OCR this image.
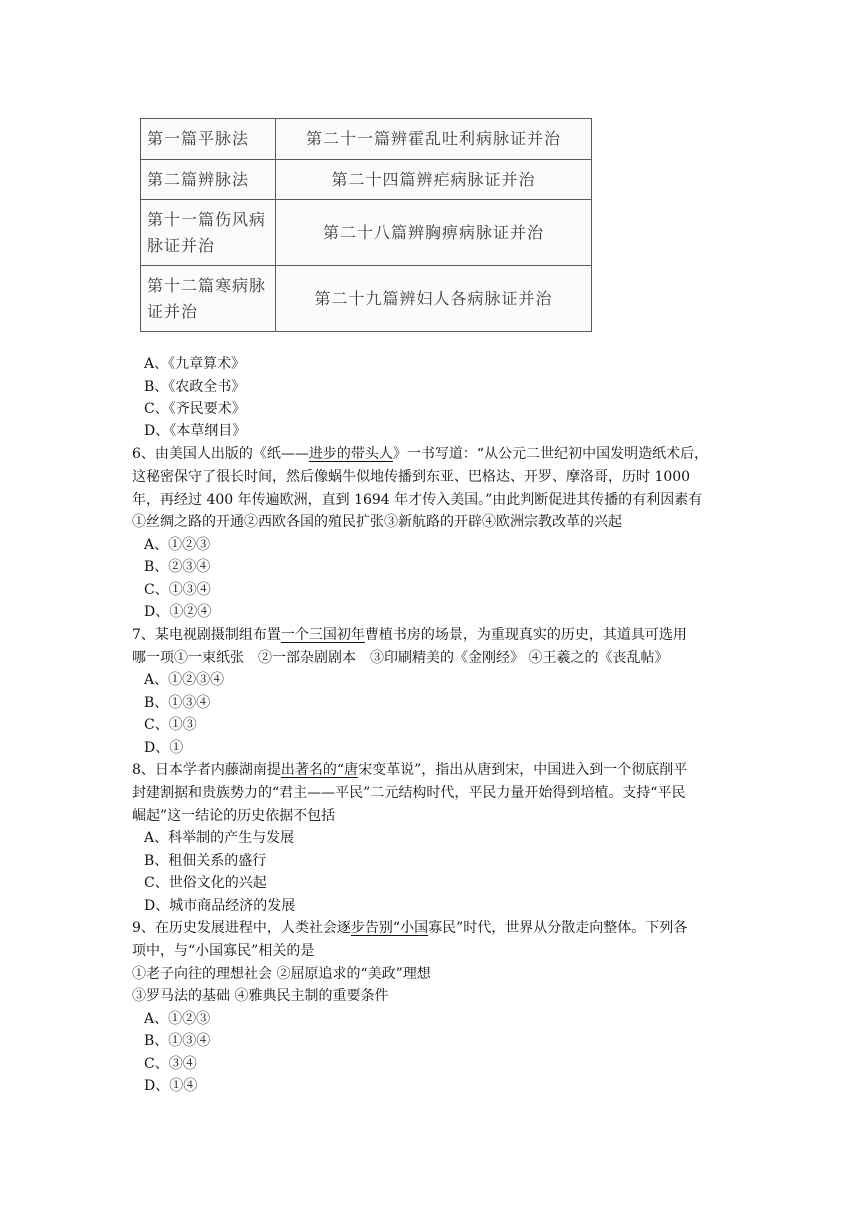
第一篇平脉法	第二十一篇辨霍乱吐利病脉证并治
第二篇辨脉法	第二十四篇辨疟病脉证并治
第十一篇伤风病脉证并治	第二十八篇辨胸痹病脉证并治
第十二篇寒病脉证并治	第二十九篇辨妇人各病脉证并治
A、《九章算术》
B、《农政全书》
C、《齐民要术》
D、《本草纲目》
6、由美国人出版的《纸——进步的带头人》一书写道：“从公元二世纪初中国发明造纸术后，
这秘密保守了很长时间，然后像蜗牛似地传播到东亚、巴格达、开罗、摩洛哥，历时 1000
年，再经过 400 年传遍欧洲，直到 1694 年才传入美国。”由此判断促进其传播的有利因素有
①丝绸之路的开通②西欧各国的殖民扩张③新航路的开辟④欧洲宗教改革的兴起
A、①②③
B、②③④
C、①③④
D、①②④
7、某电视剧摄制组布置一个三国初年曹植书房的场景，为重现真实的历史，其道具可选用
哪一项①一束纸张　②一部杂剧剧本　③印刷精美的《金刚经》 ④王羲之的《丧乱帖》
A、①②③④
B、①③④
C、①③
D、①
8、日本学者内藤湖南提出著名的“唐宋变革说”，指出从唐到宋，中国进入到一个彻底削平
封建割据和贵族势力的“君主——平民”二元结构时代，平民力量开始得到培植。支持“平民
崛起”这一结论的历史依据不包括
A、科举制的产生与发展
B、租佃关系的盛行
C、世俗文化的兴起
D、城市商品经济的发展
9、在历史发展进程中，人类社会逐步告别“小国寡民”时代，世界从分散走向整体。下列各
项中，与“小国寡民”相关的是
①老子向往的理想社会 ②屈原追求的“美政”理想
③罗马法的基础 ④雅典民主制的重要条件
A、①②③
B、①③④
C、③④
D、①④
